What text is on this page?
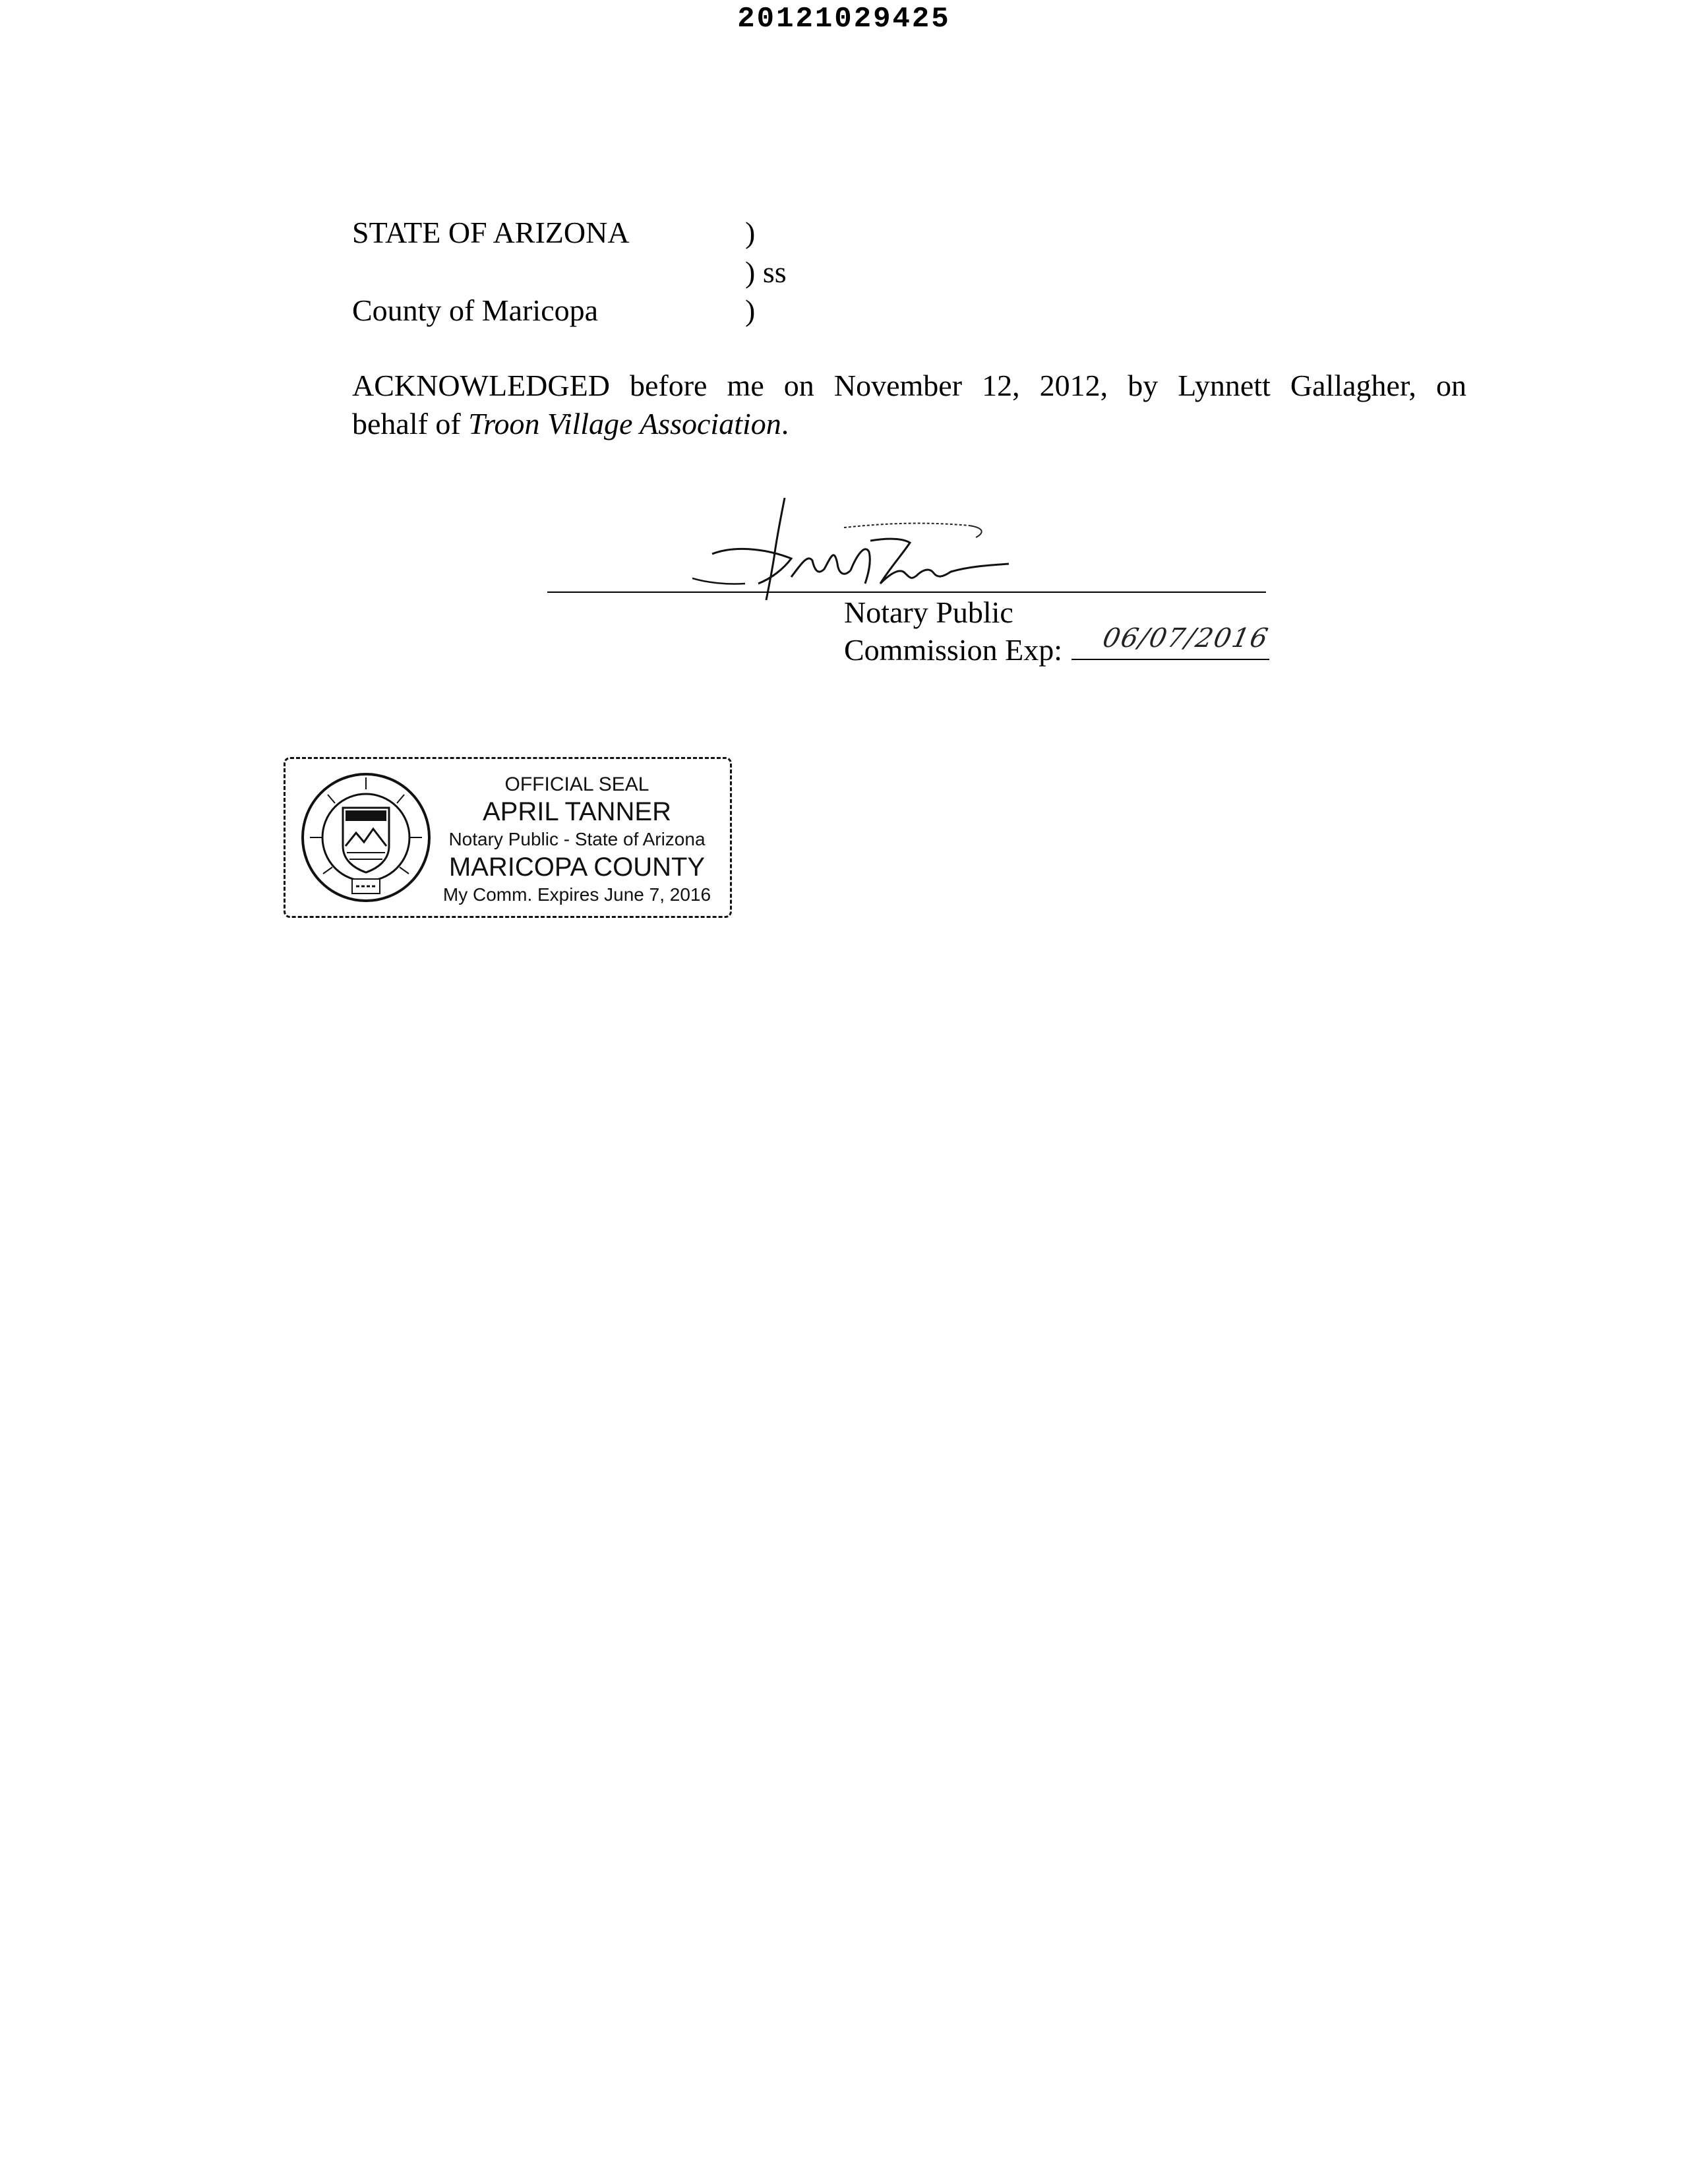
20121029425
STATE OF ARIZONA	)
) ss
County of Maricopa	)
ACKNOWLEDGED before me on November 12, 2012, by Lynnett Gallagher, on
behalf of Troon Village Association.
Notary Public
Commission Exp: 06/07/2016
OFFICIAL SEAL
APRIL TANNER
Notary Public - State of Arizona
MARICOPA COUNTY
My Comm. Expires June 7, 2016
